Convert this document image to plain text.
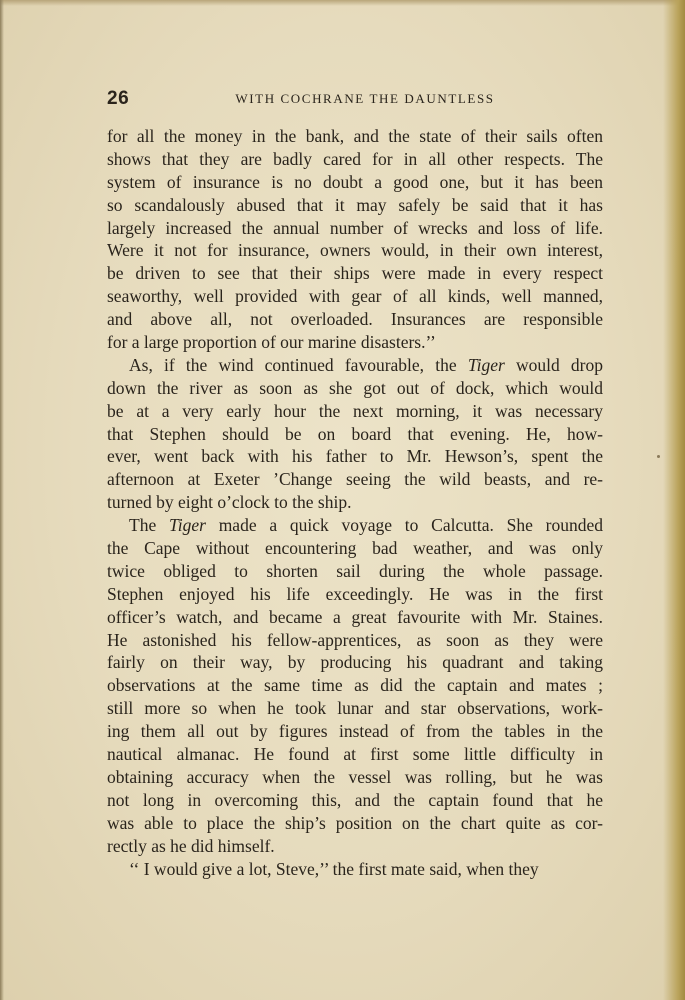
26	WITH COCHRANE THE DAUNTLESS
for all the money in the bank, and the state of their sails often
shows that they are badly cared for in all other respects. The
system of insurance is no doubt a good one, but it has been
so scandalously abused that it may safely be said that it has
largely increased the annual number of wrecks and loss of life.
Were it not for insurance, owners would, in their own interest,
be driven to see that their ships were made in every respect
seaworthy, well provided with gear of all kinds, well manned,
and above all, not overloaded. Insurances are responsible
for a large proportion of our marine disasters.’’
As, if the wind continued favourable, the Tiger would drop
down the river as soon as she got out of dock, which would
be at a very early hour the next morning, it was necessary
that Stephen should be on board that evening. He, how-
ever, went back with his father to Mr. Hewson’s, spent the
afternoon at Exeter ’Change seeing the wild beasts, and re-
turned by eight o’clock to the ship.
The Tiger made a quick voyage to Calcutta. She rounded
the Cape without encountering bad weather, and was only
twice obliged to shorten sail during the whole passage.
Stephen enjoyed his life exceedingly. He was in the first
officer’s watch, and became a great favourite with Mr. Staines.
He astonished his fellow-apprentices, as soon as they were
fairly on their way, by producing his quadrant and taking
observations at the same time as did the captain and mates ;
still more so when he took lunar and star observations, work-
ing them all out by figures instead of from the tables in the
nautical almanac. He found at first some little difficulty in
obtaining accuracy when the vessel was rolling, but he was
not long in overcoming this, and the captain found that he
was able to place the ship’s position on the chart quite as cor-
rectly as he did himself.
‘‘ I would give a lot, Steve,’’ the first mate said, when they
